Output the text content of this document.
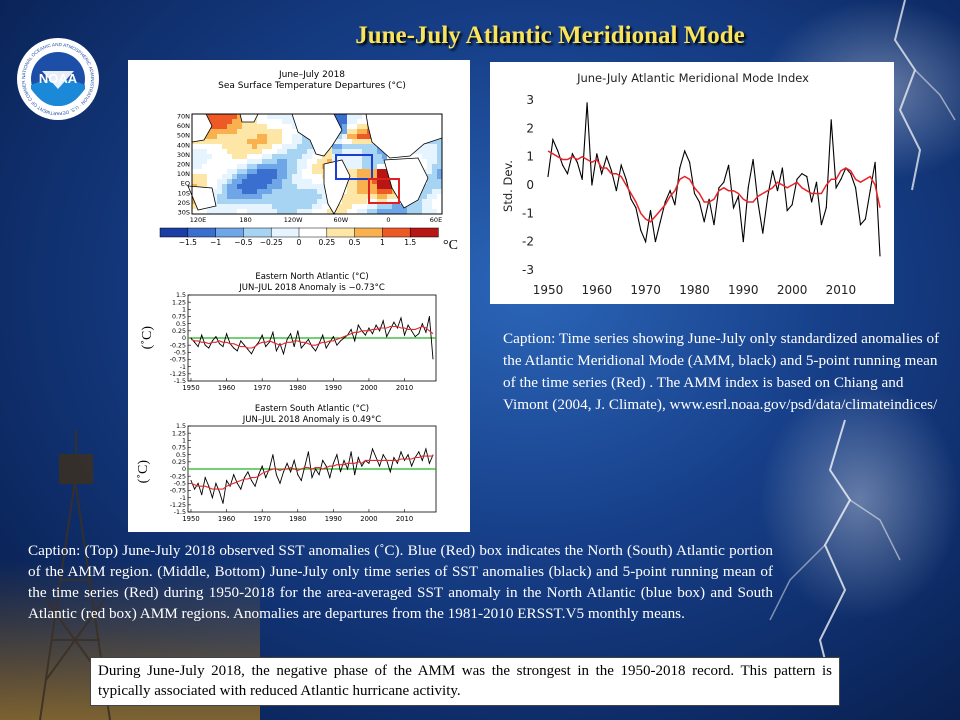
June-July Atlantic Meridional Mode
NOAA
NATIONAL OCEANIC AND ATMOSPHERIC ADMINISTRATION · U.S. DEPARTMENT OF COMMER
June–July 2018
Sea Surface Temperature Departures (°C)
70N
60N
50N
40N
30N
20N
10N
EQ
10S
20S
30S
120E	180	120W	60W	0	60E
−1.5 −1 −0.5 −0.25 0 0.25 0.5	1	1.5
Eastern North Atlantic (°C)
JUN–JUL 2018 Anomaly is −0.73°C
1.5
1.25
1
0.75
0.5
0.25
0
-0.25
-0.5
-0.75
-1
-1.25
-1.5
1950	1960	1970	1980	1990	2000	2010
Eastern South Atlantic (°C)
JUN–JUL 2018 Anomaly is 0.49°C
1.5
1.25
1
0.75
0.5
0.25
0
-0.25
-0.5
-0.75
-1
-1.25
-1.5
1950	1960	1970	1980	1990	2000	2010
°C
(˚C)
(˚C)
June-July Atlantic Meridional Mode Index
Std. Dev.
3
2
1
0
-1
-2
-3
1950 1960 1970 1980 1990 2000 2010
Caption: Time series showing June-July only standardized anomalies of the Atlantic Meridional Mode (AMM, black) and 5-point running mean of the time series (Red) . The AMM index is based on Chiang and Vimont (2004, J. Climate), www.esrl.noaa.gov/psd/data/climateindices/
Caption: (Top) June-July 2018 observed SST anomalies (˚C). Blue (Red) box indicates the North (South) Atlantic portion of the AMM region. (Middle, Bottom) June-July only time series of SST anomalies (black) and 5-point running mean of the time series (Red) during 1950-2018 for the area-averaged SST anomaly in the North Atlantic (blue box) and South Atlantic (red box) AMM regions. Anomalies are departures from the 1981-2010 ERSST.V5 monthly means.
During June-July 2018, the negative phase of the AMM was the strongest in the 1950-2018 record. This pattern is typically associated with reduced Atlantic hurricane activity.
